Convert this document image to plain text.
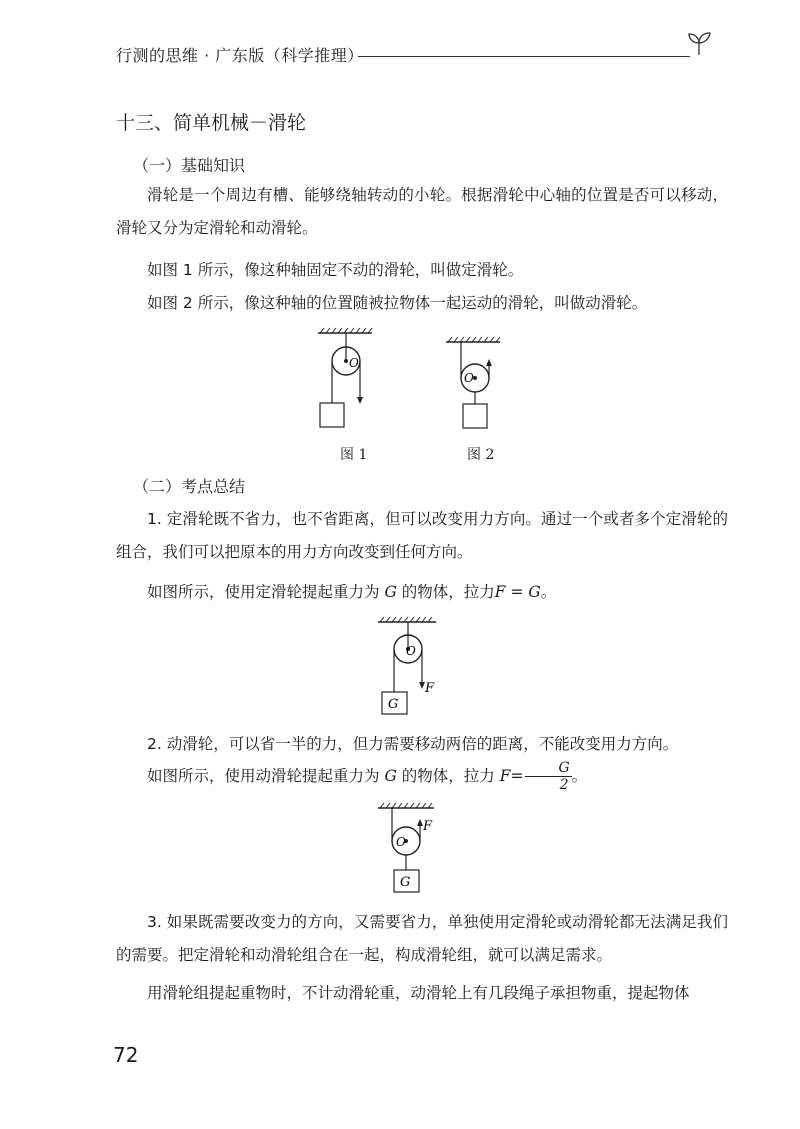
行测的思维 · 广东版（科学推理）
十三、简单机械－滑轮
（一）基础知识
滑轮是一个周边有槽、能够绕轴转动的小轮。根据滑轮中心轴的位置是否可以移动，滑轮又分为定滑轮和动滑轮。
如图 1 所示，像这种轴固定不动的滑轮，叫做定滑轮。
如图 2 所示，像这种轴的位置随被拉物体一起运动的滑轮，叫做动滑轮。
O
O
图 1	图 2
（二）考点总结
1. 定滑轮既不省力，也不省距离，但可以改变用力方向。通过一个或者多个定滑轮的组合，我们可以把原本的用力方向改变到任何方向。
如图所示，使用定滑轮提起重力为 G 的物体，拉力F = G。
O
F
G
2. 动滑轮，可以省一半的力，但力需要移动两倍的距离，不能改变用力方向。
如图所示，使用动滑轮提起重力为 G 的物体，拉力 $F= \frac{G}{2}$ 。
F
O
G
3. 如果既需要改变力的方向，又需要省力，单独使用定滑轮或动滑轮都无法满足我们的需要。把定滑轮和动滑轮组合在一起，构成滑轮组，就可以满足需求。
用滑轮组提起重物时，不计动滑轮重，动滑轮上有几段绳子承担物重，提起物体
72
